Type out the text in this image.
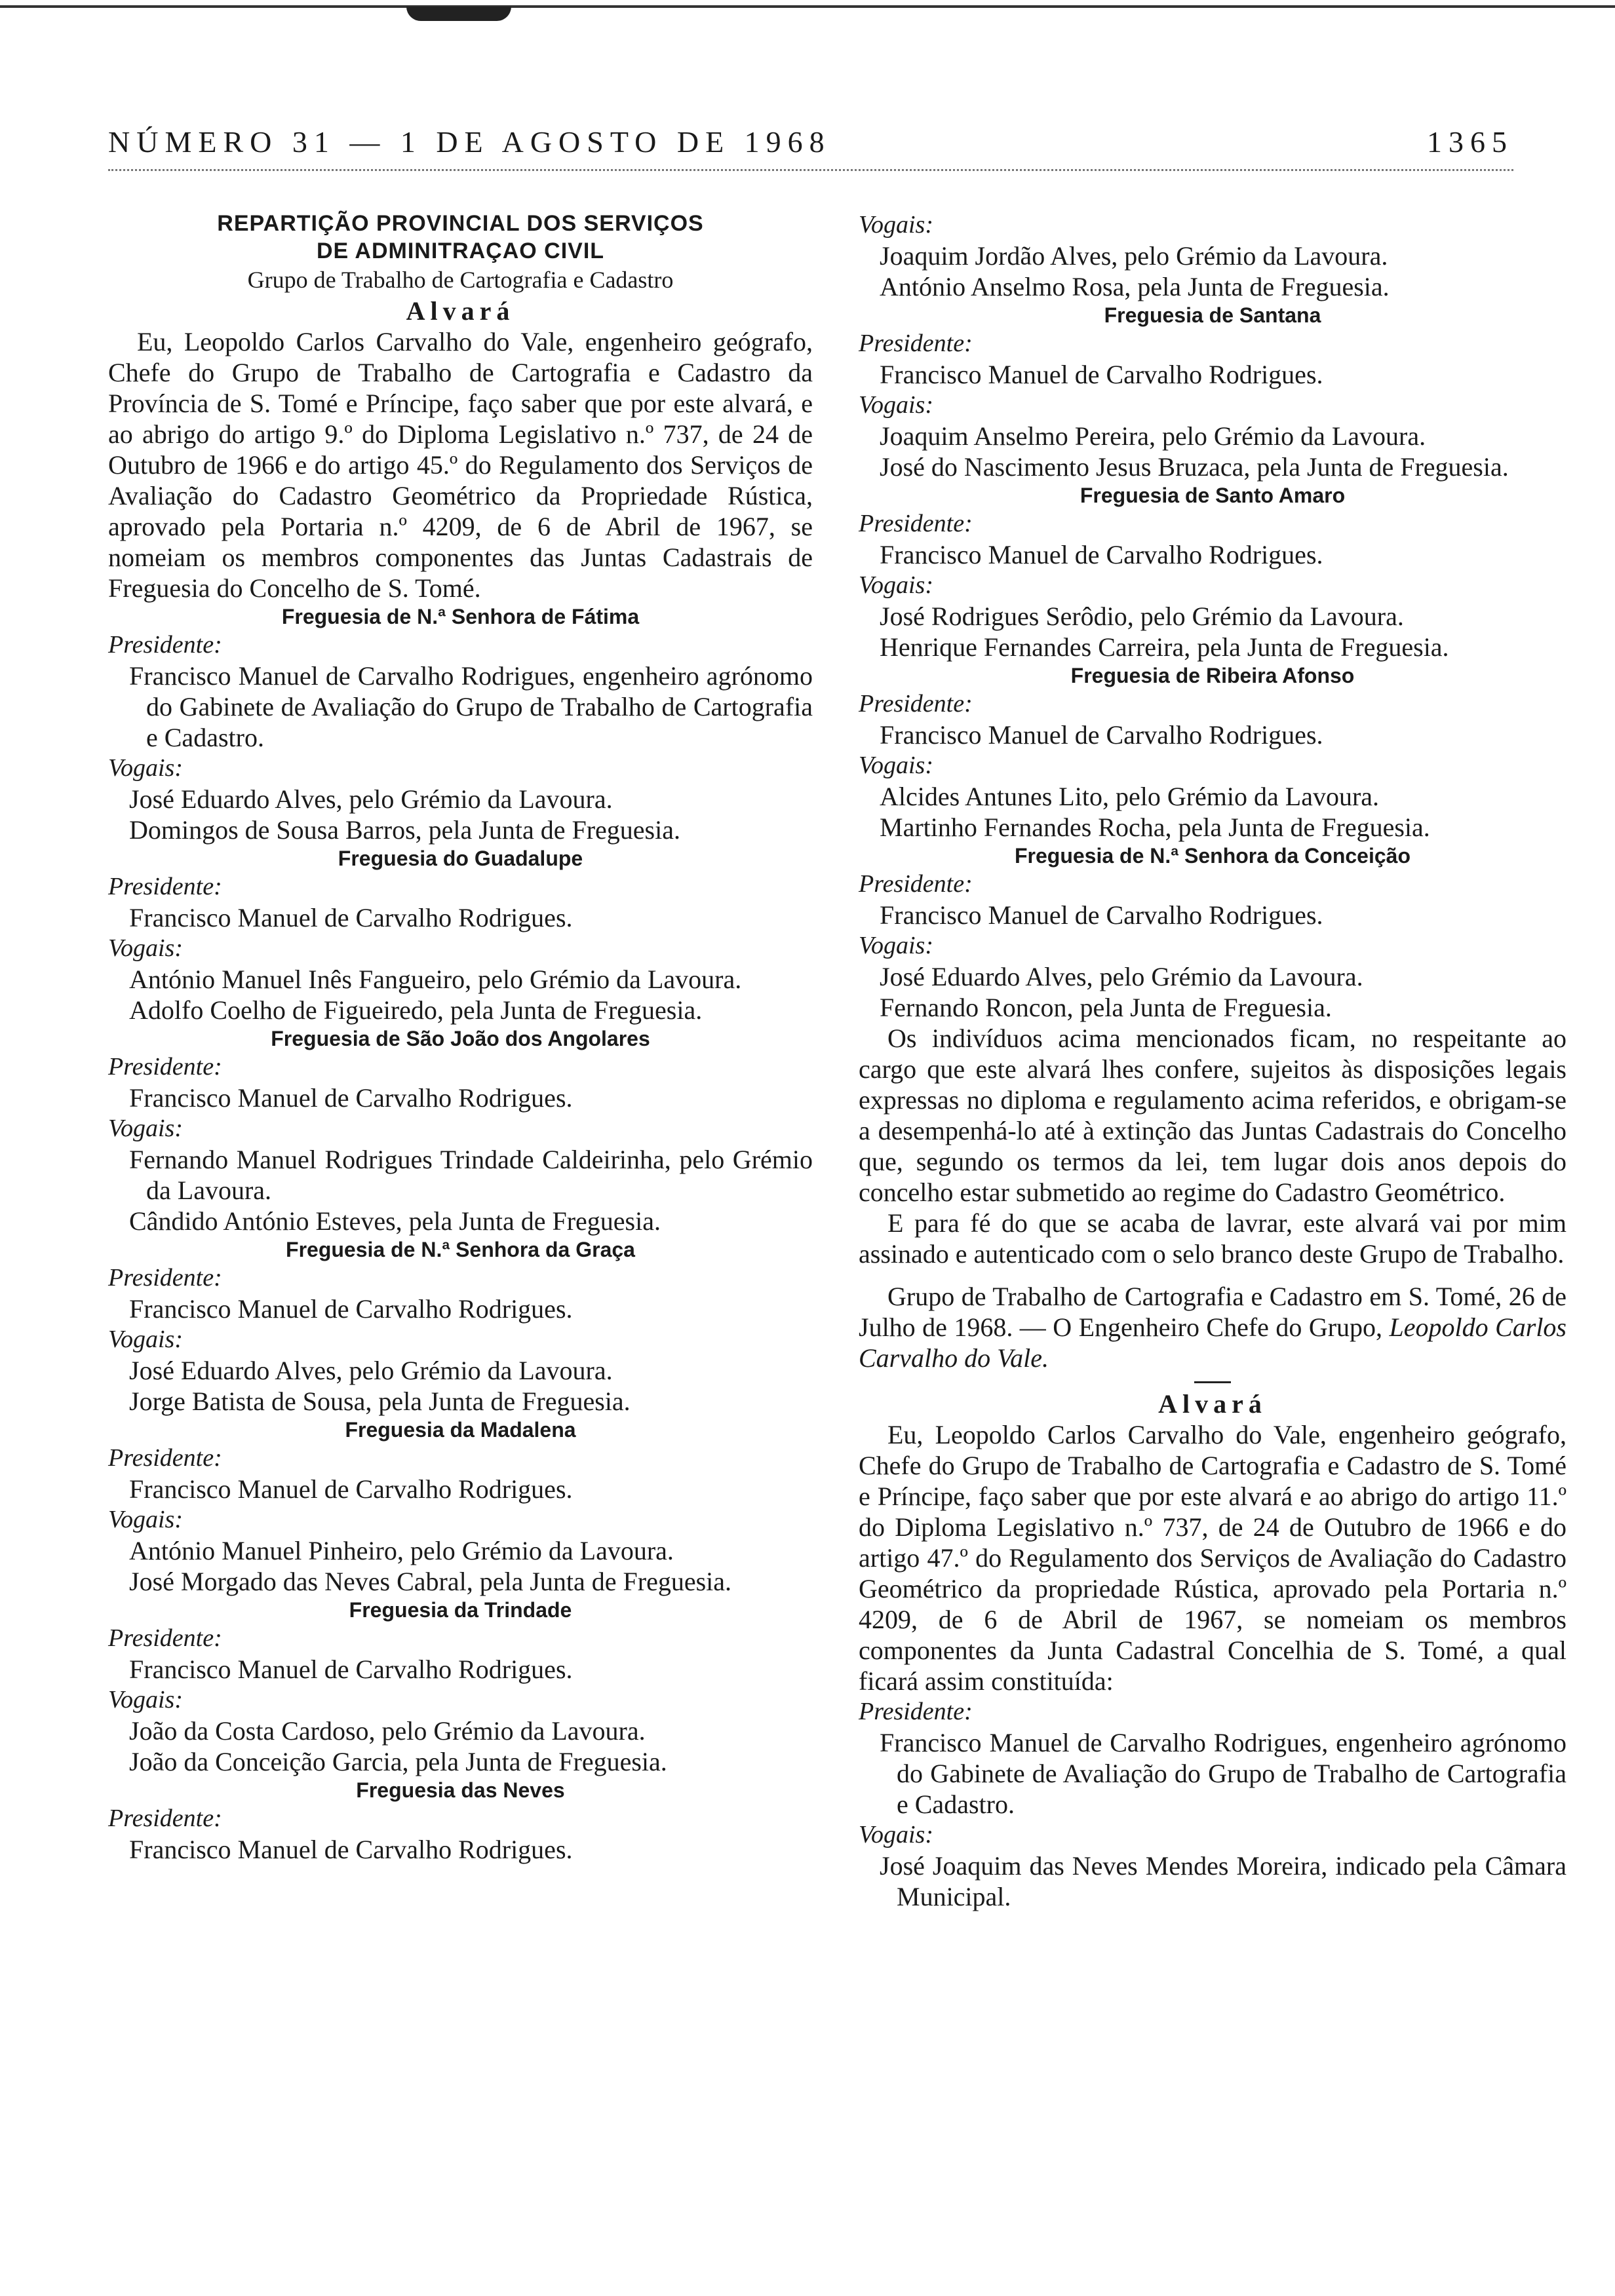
NÚMERO 31 — 1 DE AGOSTO DE 1968	1365

REPARTIÇÃO PROVINCIAL DOS SERVIÇOS

DE ADMINITRAÇAO CIVIL

Grupo de Trabalho de Cartografia e Cadastro

Alvará

Eu, Leopoldo Carlos Carvalho do Vale, engenheiro geógrafo, Chefe do Grupo de Trabalho de Cartografia e Cadastro da Província de S. Tomé e Príncipe, faço saber que por este alvará, e ao abrigo do artigo 9.º do Diploma Legislativo n.º 737, de 24 de Outubro de 1966 e do artigo 45.º do Regulamento dos Serviços de Avaliação do Cadastro Geométrico da Propriedade Rústica, aprovado pela Portaria n.º 4209, de 6 de Abril de 1967, se nomeiam os membros componentes das Juntas Cadastrais de Freguesia do Concelho de S. Tomé.

Freguesia de N.ª Senhora de Fátima

Presidente:

Francisco Manuel de Carvalho Rodrigues, engenheiro agrónomo do Gabinete de Avaliação do Grupo de Trabalho de Cartografia e Cadastro.

Vogais:

José Eduardo Alves, pelo Grémio da Lavoura.

Domingos de Sousa Barros, pela Junta de Freguesia.

Freguesia do Guadalupe

Presidente:

Francisco Manuel de Carvalho Rodrigues.

Vogais:

António Manuel Inês Fangueiro, pelo Grémio da Lavoura.

Adolfo Coelho de Figueiredo, pela Junta de Freguesia.

Freguesia de São João dos Angolares

Presidente:

Francisco Manuel de Carvalho Rodrigues.

Vogais:

Fernando Manuel Rodrigues Trindade Caldeirinha, pelo Grémio da Lavoura.

Cândido António Esteves, pela Junta de Freguesia.

Freguesia de N.ª Senhora da Graça

Presidente:

Francisco Manuel de Carvalho Rodrigues.

Vogais:

José Eduardo Alves, pelo Grémio da Lavoura.

Jorge Batista de Sousa, pela Junta de Freguesia.

Freguesia da Madalena

Presidente:

Francisco Manuel de Carvalho Rodrigues.

Vogais:

António Manuel Pinheiro, pelo Grémio da Lavoura.

José Morgado das Neves Cabral, pela Junta de Freguesia.

Freguesia da Trindade

Presidente:

Francisco Manuel de Carvalho Rodrigues.

Vogais:

João da Costa Cardoso, pelo Grémio da Lavoura.

João da Conceição Garcia, pela Junta de Freguesia.

Freguesia das Neves

Presidente:

Francisco Manuel de Carvalho Rodrigues.

Vogais:

Joaquim Jordão Alves, pelo Grémio da Lavoura.

António Anselmo Rosa, pela Junta de Freguesia.

Freguesia de Santana

Presidente:

Francisco Manuel de Carvalho Rodrigues.

Vogais:

Joaquim Anselmo Pereira, pelo Grémio da Lavoura.

José do Nascimento Jesus Bruzaca, pela Junta de Freguesia.

Freguesia de Santo Amaro

Presidente:

Francisco Manuel de Carvalho Rodrigues.

Vogais:

José Rodrigues Serôdio, pelo Grémio da Lavoura.

Henrique Fernandes Carreira, pela Junta de Freguesia.

Freguesia de Ribeira Afonso

Presidente:

Francisco Manuel de Carvalho Rodrigues.

Vogais:

Alcides Antunes Lito, pelo Grémio da Lavoura.

Martinho Fernandes Rocha, pela Junta de Freguesia.

Freguesia de N.ª Senhora da Conceição

Presidente:

Francisco Manuel de Carvalho Rodrigues.

Vogais:

José Eduardo Alves, pelo Grémio da Lavoura.

Fernando Roncon, pela Junta de Freguesia.

Os indivíduos acima mencionados ficam, no respeitante ao cargo que este alvará lhes confere, sujeitos às disposições legais expressas no diploma e regulamento acima referidos, e obrigam-se a desempenhá-lo até à extinção das Juntas Cadastrais do Concelho que, segundo os termos da lei, tem lugar dois anos depois do concelho estar submetido ao regime do Cadastro Geométrico.

E para fé do que se acaba de lavrar, este alvará vai por mim assinado e autenticado com o selo branco deste Grupo de Trabalho.

Grupo de Trabalho de Cartografia e Cadastro em S. Tomé, 26 de Julho de 1968. — O Engenheiro Chefe do Grupo, Leopoldo Carlos Carvalho do Vale.

Alvará

Eu, Leopoldo Carlos Carvalho do Vale, engenheiro geógrafo, Chefe do Grupo de Trabalho de Cartografia e Cadastro de S. Tomé e Príncipe, faço saber que por este alvará e ao abrigo do artigo 11.º do Diploma Legislativo n.º 737, de 24 de Outubro de 1966 e do artigo 47.º do Regulamento dos Serviços de Avaliação do Cadastro Geométrico da propriedade Rústica, aprovado pela Portaria n.º 4209, de 6 de Abril de 1967, se nomeiam os membros componentes da Junta Cadastral Concelhia de S. Tomé, a qual ficará assim constituída:

Presidente:

Francisco Manuel de Carvalho Rodrigues, engenheiro agrónomo do Gabinete de Avaliação do Grupo de Trabalho de Cartografia e Cadastro.

Vogais:

José Joaquim das Neves Mendes Moreira, indicado pela Câmara Municipal.
